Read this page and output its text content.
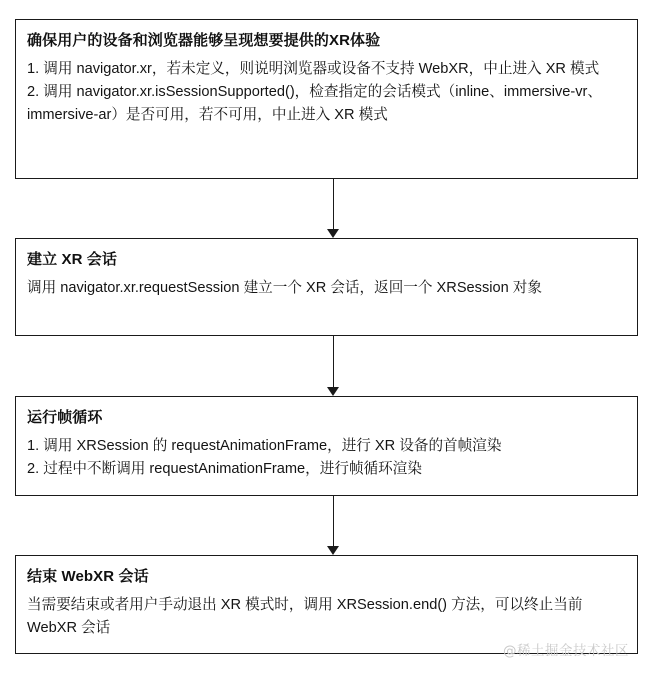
确保用户的设备和浏览器能够呈现想要提供的XR体验
1. 调用 navigator.xr，若未定义，则说明浏览器或设备不支持 WebXR，中止进入 XR 模式
2. 调用 navigator.xr.isSessionSupported()，检查指定的会话模式（inline、immersive-vr、immersive-ar）是否可用，若不可用，中止进入 XR 模式
建立 XR 会话
调用 navigator.xr.requestSession 建立一个 XR 会话，返回一个 XRSession 对象
运行帧循环
1. 调用 XRSession 的 requestAnimationFrame，进行 XR 设备的首帧渲染
2. 过程中不断调用 requestAnimationFrame，进行帧循环渲染
结束 WebXR 会话
当需要结束或者用户手动退出 XR 模式时，调用 XRSession.end() 方法，可以终止当前 WebXR 会话
@稀土掘金技术社区
